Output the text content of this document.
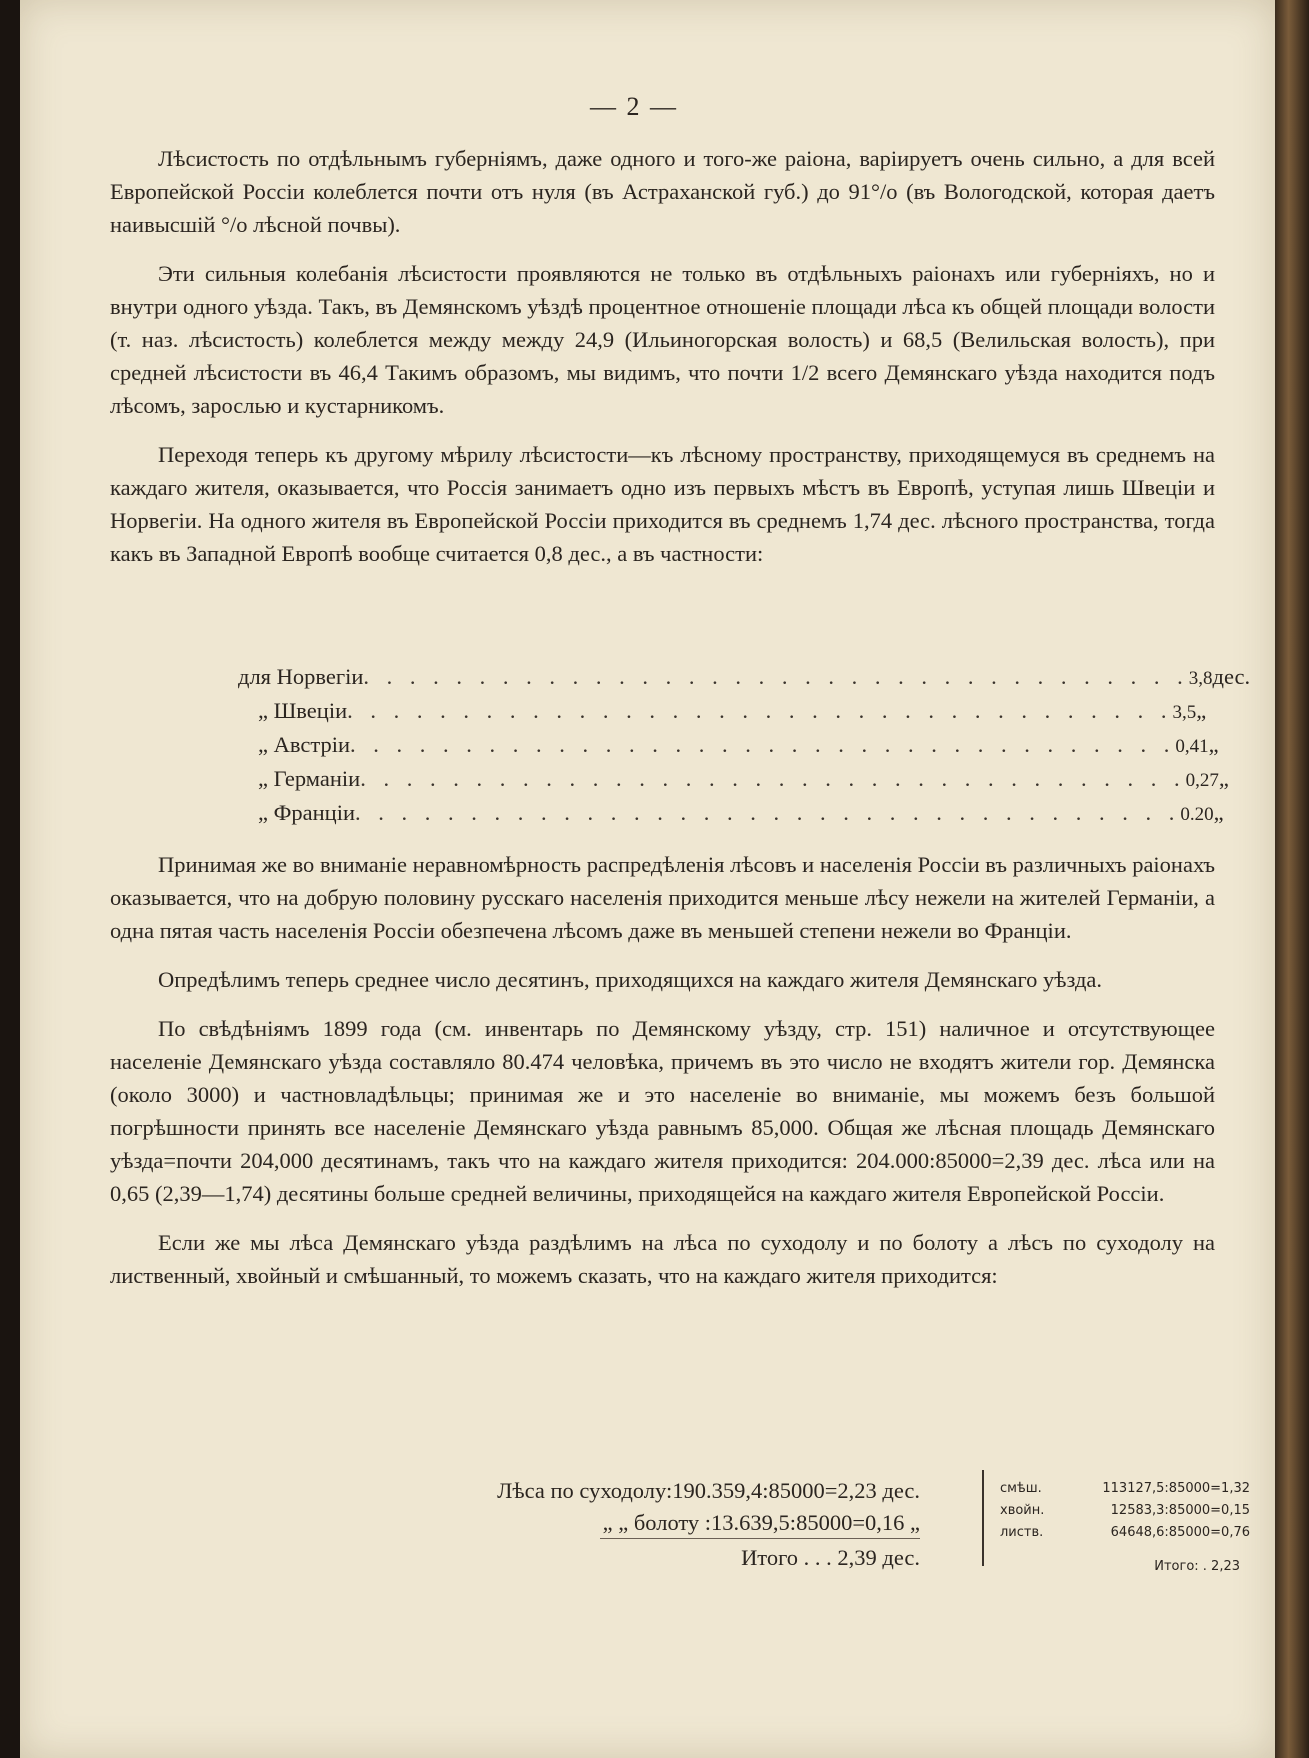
— 2 —

Лѣсистость по отдѣльнымъ губерніямъ, даже одного и того-же раіона, варіируетъ очень сильно, а для всей Европейской Россіи колеблется почти отъ нуля (въ Астраханской губ.) до 91°/o (въ Вологодской, которая даетъ наивысшій °/o лѣсной почвы).

Эти сильныя колебанія лѣсистости проявляются не только въ отдѣльныхъ раіонахъ или губерніяхъ, но и внутри одного уѣзда. Такъ, въ Демянскомъ уѣздѣ процентное отношеніе площади лѣса къ общей площади волости (т. наз. лѣсистость) колеблется между между 24,9 (Ильиногорская волость) и 68,5 (Велильская волость), при средней лѣсистости въ 46,4 Такимъ образомъ, мы видимъ, что почти 1/2 всего Демянскаго уѣзда находится подъ лѣсомъ, зарослью и кустарникомъ.

Переходя теперь къ другому мѣрилу лѣсистости—къ лѣсному пространству, приходящемуся въ среднемъ на каждаго жителя, оказывается, что Россія занимаетъ одно изъ первыхъ мѣстъ въ Европѣ, уступая лишь Швеціи и Норвегіи. На одного жителя въ Европейской Россіи приходится въ среднемъ 1,74 дес. лѣсного пространства, тогда какъ въ Западной Европѣ вообще считается 0,8 дес., а въ частности:

для Норвегіи . . . . . . . . . . . . . . . . . . . . . . . . . . . . . . . . . . . . 3,8 дес.
„ Швеціи . . . . . . . . . . . . . . . . . . . . . . . . . . . . . . . . . . . . 3,5 „
„ Австріи . . . . . . . . . . . . . . . . . . . . . . . . . . . . . . . . . . . . 0,41 „
„ Германіи . . . . . . . . . . . . . . . . . . . . . . . . . . . . . . . . . . . . 0,27 „
„ Франціи . . . . . . . . . . . . . . . . . . . . . . . . . . . . . . . . . . . . 0.20 „

Принимая же во вниманіе неравномѣрность распредѣленія лѣсовъ и населенія Россіи въ различныхъ раіонахъ оказывается, что на добрую половину русскаго населенія приходится меньше лѣсу нежели на жителей Германіи, а одна пятая часть населенія Россіи обезпечена лѣсомъ даже въ меньшей степени нежели во Франціи.

Опредѣлимъ теперь среднее число десятинъ, приходящихся на каждаго жителя Демянскаго уѣзда.

По свѣдѣніямъ 1899 года (см. инвентарь по Демянскому уѣзду, стр. 151) наличное и отсутствующее населеніе Демянскаго уѣзда составляло 80.474 человѣка, причемъ въ это число не входятъ жители гор. Демянска (около 3000) и частновладѣльцы; принимая же и это населеніе во вниманіе, мы можемъ безъ большой погрѣшности принять все населеніе Демянскаго уѣзда равнымъ 85,000. Общая же лѣсная площадь Демянскаго уѣзда=почти 204,000 десятинамъ, такъ что на каждаго жителя приходится: 204.000:85000=2,39 дес. лѣса или на 0,65 (2,39—1,74) десятины больше средней величины, приходящейся на каждаго жителя Европейской Россіи.

Если же мы лѣса Демянскаго уѣзда раздѣлимъ на лѣса по суходолу и по болоту а лѣсъ по суходолу на лиственный, хвойный и смѣшанный, то можемъ сказать, что на каждаго жителя приходится:

Лѣса по суходолу:190.359,4:85000=2,23 дес.
„ „ болоту :13.639,5:85000=0,16 „
Итого . . . 2,39 дес.
смѣш.	113127,5:85000=1,32
хвойн.	12583,3:85000=0,15
листв.	64648,6:85000=0,76
Итого: . 2,23
